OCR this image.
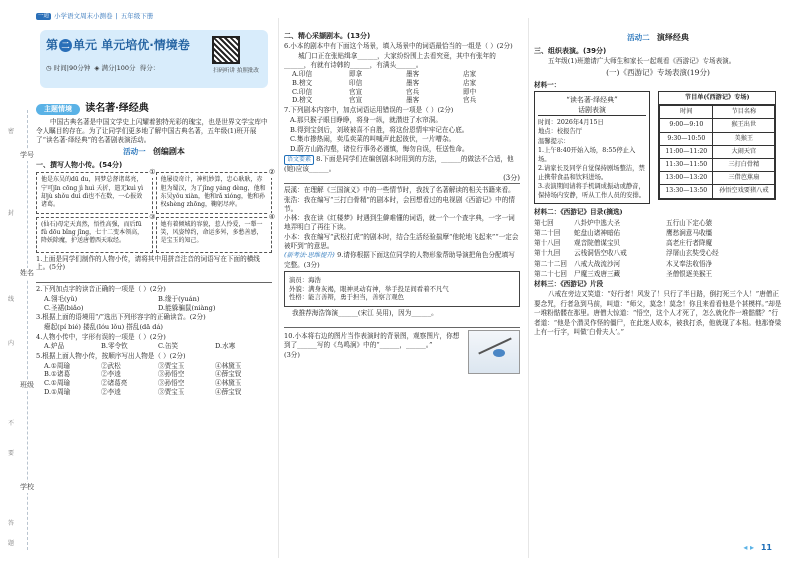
学号
姓名
班级
学校
密
封
线
内
不
要
答
题
一通 小学语文周末小测卷 | 五年级下册
第 二 单元 单元培优·情境卷
◷ 时间|90分钟 ◈ 满分|100分 得分：	扫码听讲 拍照批改
主题情境 读名著·绎经典
中国古典名著是中国文学史上闪耀着独特光彩的瑰宝，也是世界文学宝库中令人瞩目的存在。为了让同学们更多地了解中国古典名著，五年级(1)班开展了“读名著·绎经典”的名著剧表演活动。
活动一 创编剧本
一、撰写人物小传。(54分)
①
他是东吴的dū du，同梦总督诸葛亮，宁可jīn cōnɡ jì huì 夭折，遣无kuì yì却jù shǒu duì dì也不在数，一心报效诸葛。
②
他屡设奇计，神机妙算，忠心耿耿，赤胆为蜀汉，为了jǐng yáng dèng，他和东吴yǒu xiàn，他和rǎ xióng，他和孙权shèng zhōng，鞠躬尽瘁。
③
(仙石)母定天真然，悟性高强，而后fū fǔ dōu bǐng jīng，七十二变本领高，降妖除魔，护送唐僧西天取经。
④
她有着倾城的容貌，惹人怜爱，一颦一笑，风姿绰约，命运多舛，多愁善感，是宝玉的知己。
1.上面是同学们制作的人物小传，请将其中用拼音注音的词语写在下面的横线上。(5分)
2.下列加点字的读音正确的一项是（ ）(2分)
A.翎毛(yǔ)	B.缘于(yuán)
C.圣裙(biǎo)	D.能躲骗鼠(niàng)
3.根据上面的语境用“/”选出下列形容字的正确读音。(2分)
瘪起(pí bié) 搂乱(lóu lǒu) 搭乱(dā dá)
4.人物小传中，字形有误的一项是（ ）(2分)
A.炉品	B.零令钦	C.缶笑	D.水寒
5.根据上面人物小传，按顺序写出人物是（ ）(2分)
A.①周瑜	②武松	③贾宝玉	④林黛玉
B.①诸葛	②李逵	③孙悟空	④薛宝钗
C.①周瑜	②诸葛亮	③孙悟空	④林黛玉
D.①周瑜	②李逵	③贾宝玉	④薛宝钗
二、精心采撷剧本。(13分)
6.小本的剧本中有下面这个场景，填入场景中的词语最恰当的一组是（ ）(2分)
城门口正在张贴缉拿______，大家纷纷围上去看究竟，其中有张年的______，有就有诗韩的______，有满头______。
A.印信	即拿	墨客	店家
B.榜文	印信	墨客	店家
C.印信	官宣	官兵	即中
D.榜文	官宣	墨客	官兵
7.下列剧本内容中，加点词语运用错误的一项是（ ）(2分)
A.那只猴子眼目睁睁，将身一纵，就潜进了水帘洞。
B.得到宝剑后，刘玻被喜不自胜，将这份恩情牢牢记在心底。
C.集市掺热闹，卖瓜卖菜的叫喊声此起彼伏，一片嘈杂。
D.蔚方山路沟壑，诸位行事务必谨慎，悔勿自误，枉送性命。
语文要素 8.下面是同学们在编创剧本时用到的方法，______的做法不合适，他(她)应该______。
(3分)
辰溪：在理解《三国演义》中的一些情节时，我找了名著解读的相关书籍来看。
张浩：我在编写“三打白骨精”的剧本时，会回想看过的电视剧《西游记》中的情节。
小林：我在读《红楼梦》时遇到生僻难懂的词语，就一个一个查字典，一字一词地弄明白了再往下读。
小本：我在编写“武松打虎”的剧本时，结合生活经验揣摩“他轮地飞起来”“一定会被吓到”的意思。
(新考法·思维提升) 9.请你根据下面这位同学的人物形象帮助导演把角色分配填写完整。(3分)
演员：海浩
外貌：满身灰褐，眼神灵动有神，举手投足间看着不凡气
性格：能言善辩，勇于担当，善察言观色
我推荐海浩饰演______(宋江 吴用)，因为______。
10.小本将右边的图片当作表演时的背景图，观察图片，你想到了______写的《鸟鸣涧》中的“______，______。”
(3分)
活动二 演绎经典
三、组织表演。(39分)
五年级(1)班邀请广大师生和家长一起观看《西游记》专场表演。
(一)《西游记》专场表演(19分)
材料一：
“读名著·绎经典”
话剧表演
时间：2026年4月15日
地点：校报告厅
温馨提示：
1.上午8:40开始入场，8:55停止入场。
2.请家长及同学自觉保持剧场整洁，禁止携带食品和饮料进场。
3.表演期间请将手机调成振动或静音，保持场内安静，听从工作人员的安排。

节目单(《西游记》专场)
时间	节目名称
9:00—9:10	猴王出世
9:30—10:50	美猴王
11:00—11:20	大闹天宫
11:30—11:50	三打白骨精
13:00—13:20	三借芭蕉扇
13:30—13:50	孙悟空戏要猪八戒
材料二：《西游记》目录(摘选)
第七回	八卦炉中逃大圣	五行山下定心猿
第二十回	蛇盘山诸神暗佑	鹰愁涧意马收缰
第十八回	观音院僧谋宝贝	高老庄行者降魔
第十九回	云栈洞悟空收八戒	浮屠山玄奘受心经
第二十二回	八戒大战流沙河	木叉奉法收悟净
第二十七回	尸魔三戏唐三藏	圣僧恨逐美猴王
材料三：《西游记》片段
八戒在旁边又笑道：“好行者！风发了！只行了半日路，倒打死三个人！”唐僧正要念咒，行者急到马前，叫道：“师父，莫念！莫念！你且来看看他是个甚模样。”却是一堆粉骷髅在那里。唐僧大惊道：“悟空，这个人才死了，怎么就化作一堆骷髅？”行者道：“他是个潜灵作怪的僵尸，在此迷人败本，被我打杀，他就现了本相。他那脊梁上有一行字，叫做‘白骨夫人’。”
◂ ▸ 11
